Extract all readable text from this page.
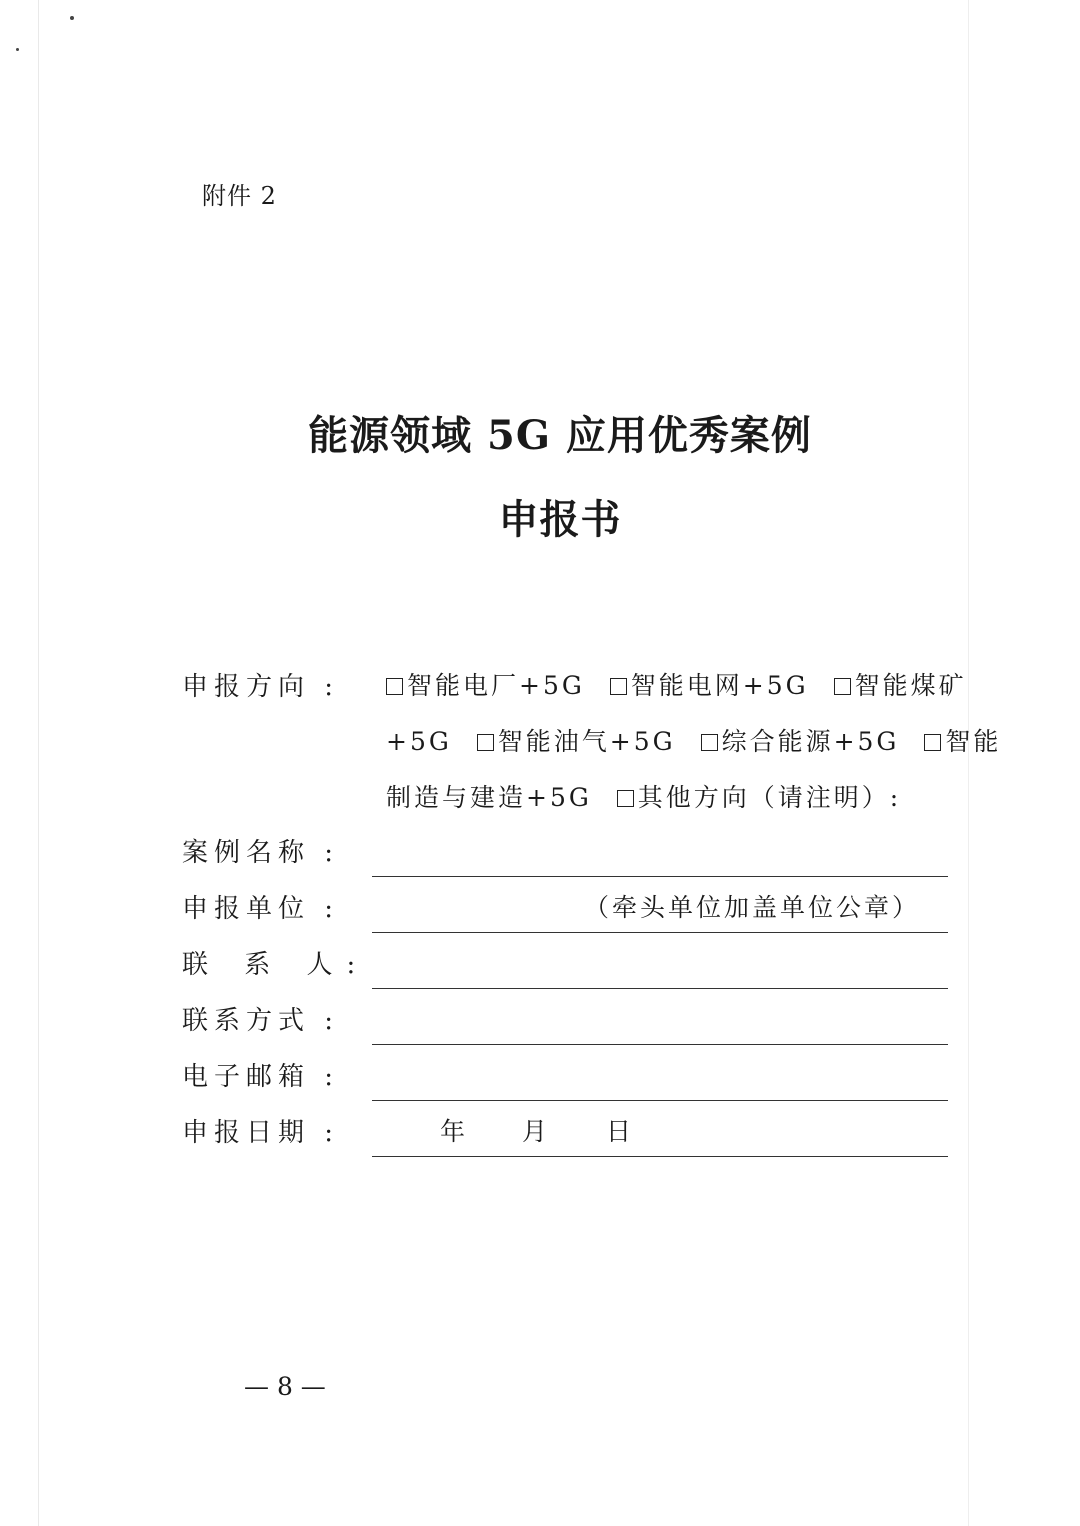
附件 2
能源领域 5G 应用优秀案例
申报书
申报方向 :	智能电厂+5G 智能电网+5G 智能煤矿
+5G 智能油气+5G 综合能源+5G 智能
制造与建造+5G 其他方向（请注明）:
案例名称 :
申报单位 :	（牵头单位加盖单位公章）
联 系 人:
联系方式 :
电子邮箱 :
申报日期 :	年 月 日
— 8 —
